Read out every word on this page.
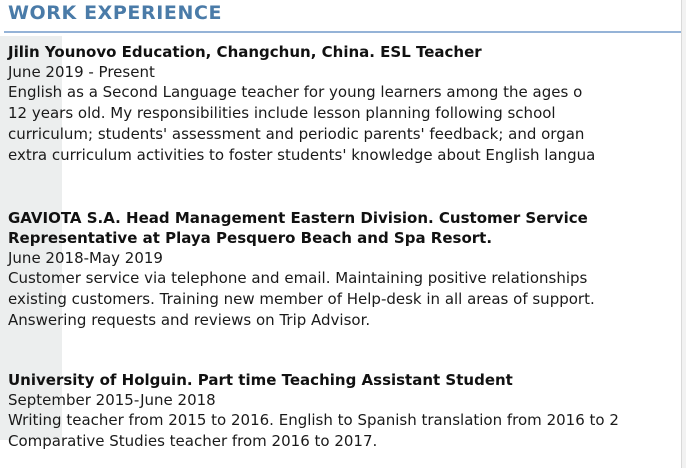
WORK EXPERIENCE
Jilin Younovo Education, Changchun, China. ESL Teacher
June 2019 - Present
English as a Second Language teacher for young learners among the ages o
12 years old. My responsibilities include lesson planning following school
curriculum; students' assessment and periodic parents' feedback; and organ
extra curriculum activities to foster students' knowledge about English langua
GAVIOTA S.A. Head Management Eastern Division. Customer Service
Representative at Playa Pesquero Beach and Spa Resort.
June 2018-May 2019
Customer service via telephone and email. Maintaining positive relationships
existing customers. Training new member of Help-desk in all areas of support.
Answering requests and reviews on Trip Advisor.
University of Holguin. Part time Teaching Assistant Student
September 2015-June 2018
Writing teacher from 2015 to 2016. English to Spanish translation from 2016 to 2
Comparative Studies teacher from 2016 to 2017.
